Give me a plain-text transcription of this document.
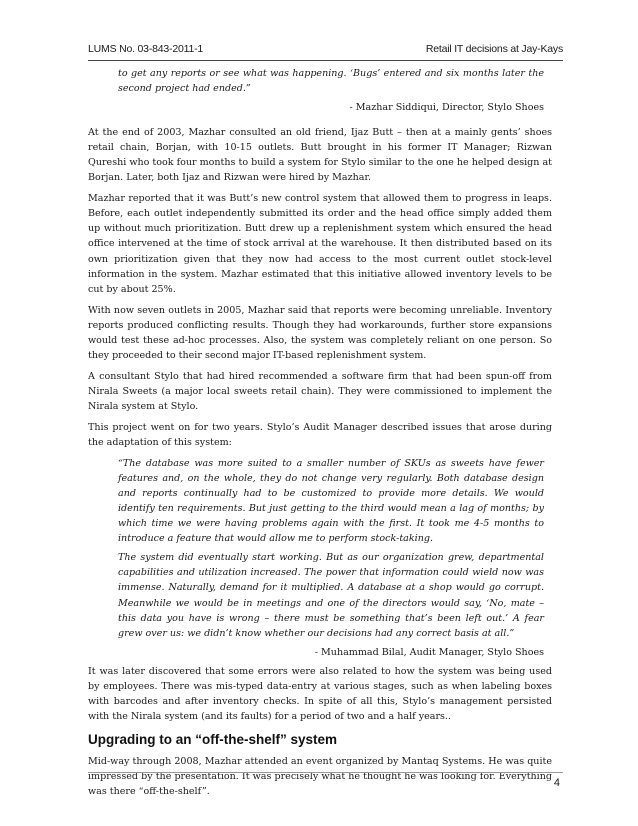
LUMS No. 03-843-2011-1	Retail IT decisions at Jay-Kays

to get any reports or see what was happening. ‘Bugs’ entered and six months later the second project had ended.”

- Mazhar Siddiqui, Director, Stylo Shoes

At the end of 2003, Mazhar consulted an old friend, Ijaz Butt – then at a mainly gents’ shoes retail chain, Borjan, with 10-15 outlets. Butt brought in his former IT Manager; Rizwan Qureshi who took four months to build a system for Stylo similar to the one he helped design at Borjan. Later, both Ijaz and Rizwan were hired by Mazhar.

Mazhar reported that it was Butt’s new control system that allowed them to progress in leaps. Before, each outlet independently submitted its order and the head office simply added them up without much prioritization. Butt drew up a replenishment system which ensured the head office intervened at the time of stock arrival at the warehouse. It then distributed based on its own prioritization given that they now had access to the most current outlet stock-level information in the system. Mazhar estimated that this initiative allowed inventory levels to be cut by about 25%.

With now seven outlets in 2005, Mazhar said that reports were becoming unreliable. Inventory reports produced conflicting results. Though they had workarounds, further store expansions would test these ad-hoc processes. Also, the system was completely reliant on one person. So they proceeded to their second major IT-based replenishment system.

A consultant Stylo that had hired recommended a software firm that had been spun-off from Nirala Sweets (a major local sweets retail chain). They were commissioned to implement the Nirala system at Stylo.

This project went on for two years. Stylo’s Audit Manager described issues that arose during the adaptation of this system:

“The database was more suited to a smaller number of SKUs as sweets have fewer features and, on the whole, they do not change very regularly. Both database design and reports continually had to be customized to provide more details. We would identify ten requirements. But just getting to the third would mean a lag of months; by which time we were having problems again with the first. It took me 4-5 months to introduce a feature that would allow me to perform stock-taking.

The system did eventually start working. But as our organization grew, departmental capabilities and utilization increased. The power that information could wield now was immense. Naturally, demand for it multiplied. A database at a shop would go corrupt. Meanwhile we would be in meetings and one of the directors would say, ‘No, mate – this data you have is wrong – there must be something that’s been left out.’ A fear grew over us: we didn’t know whether our decisions had any correct basis at all.”

- Muhammad Bilal, Audit Manager, Stylo Shoes

It was later discovered that some errors were also related to how the system was being used by employees. There was mis-typed data-entry at various stages, such as when labeling boxes with barcodes and after inventory checks. In spite of all this, Stylo’s management persisted with the Nirala system (and its faults) for a period of two and a half years..

Upgrading to an “off-the-shelf” system

Mid-way through 2008, Mazhar attended an event organized by Mantaq Systems. He was quite impressed by the presentation. It was precisely what he thought he was looking for. Everything was there “off-the-shelf”.

4
